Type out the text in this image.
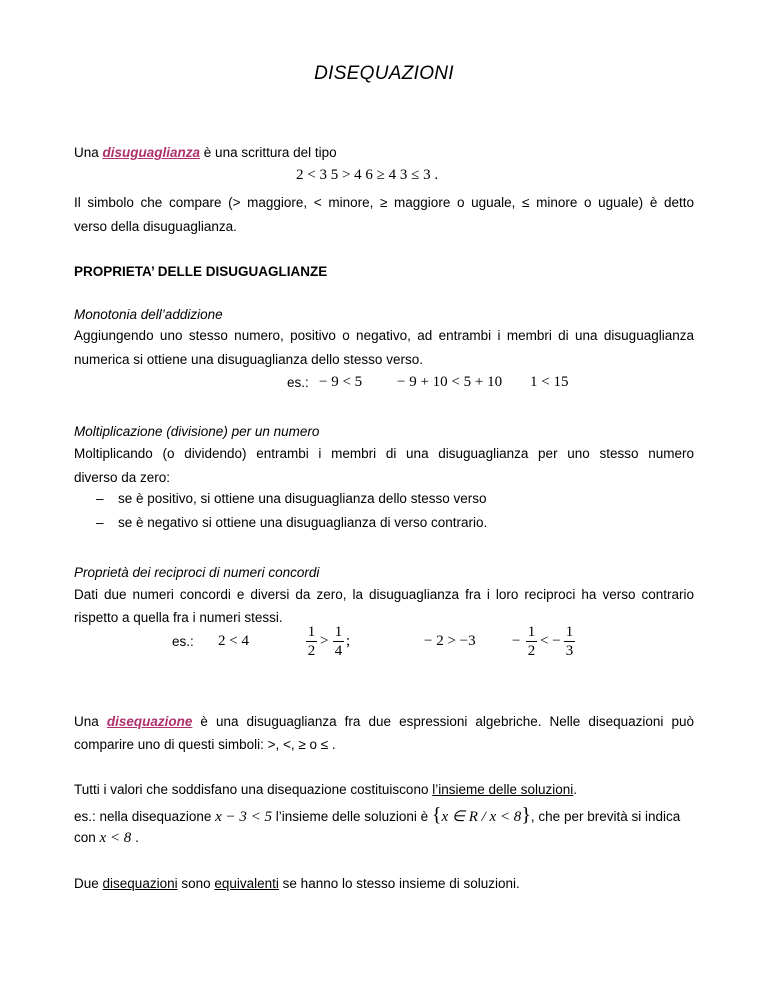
DISEQUAZIONI
Una disuguaglianza è una scrittura del tipo
2 < 3 5 > 4 6 ≥ 4 3 ≤ 3 .
Il simbolo che compare (> maggiore, < minore, ≥ maggiore o uguale, ≤ minore o uguale) è detto
verso della disuguaglianza.
PROPRIETA’ DELLE DISUGUAGLIANZE
Monotonia dell’addizione
Aggiungendo uno stesso numero, positivo o negativo, ad entrambi i membri di una disuguaglianza
numerica si ottiene una disuguaglianza dello stesso verso.
es.: − 9 < 5 − 9 + 10 < 5 + 10 1 < 15
Moltiplicazione (divisione) per un numero
Moltiplicando (o dividendo) entrambi i membri di una disuguaglianza per uno stesso numero
diverso da zero:
– se è positivo, si ottiene una disuguaglianza dello stesso verso
– se è negativo si ottiene una disuguaglianza di verso contrario.
Proprietà dei reciproci di numeri concordi
Dati due numeri concordi e diversi da zero, la disuguaglianza fra i loro reciproci ha verso contrario
rispetto a quella fra i numeri stessi.
es.: 2 < 4
1
2
>
1
4
;	− 2 > −3 −
1
2
< −
1
3
Una disequazione è una disuguaglianza fra due espressioni algebriche. Nelle disequazioni può
comparire uno di questi simboli: >, <, ≥ o ≤ .
Tutti i valori che soddisfano una disequazione costituiscono l’insieme delle soluzioni.
es.: nella disequazione x − 3 < 5 l’insieme delle soluzioni è {x ∈ R / x < 8}, che per brevità si indica
con x < 8 .
Due disequazioni sono equivalenti se hanno lo stesso insieme di soluzioni.
